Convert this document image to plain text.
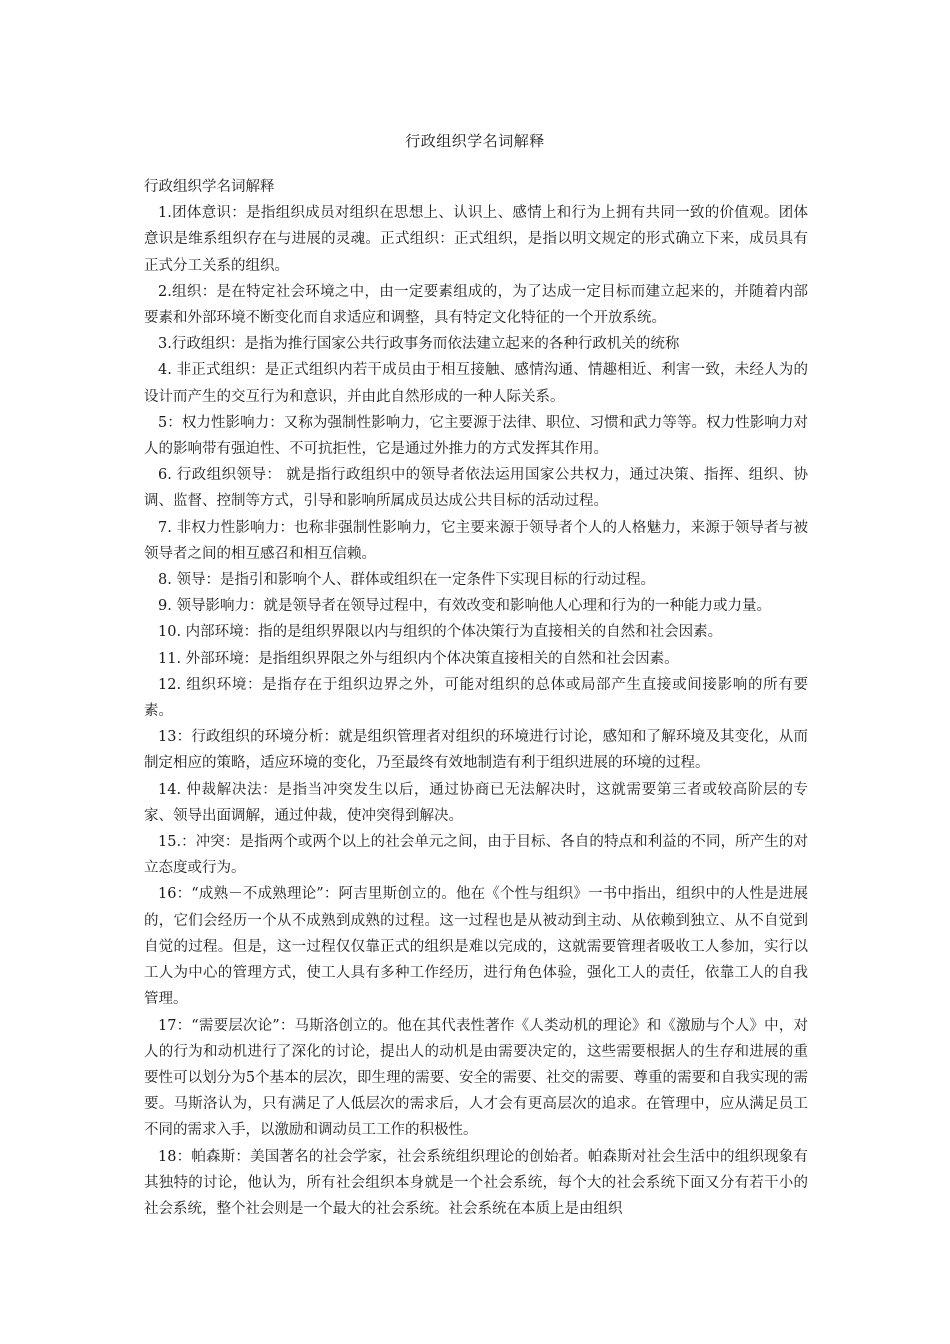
行政组织学名词解释

行政组织学名词解释

1.团体意识：是指组织成员对组织在思想上、认识上、感情上和行为上拥有共同一致的价值观。团体意识是维系组织存在与进展的灵魂。正式组织：正式组织，是指以明文规定的形式确立下来，成员具有正式分工关系的组织。

2.组织：是在特定社会环境之中，由一定要素组成的，为了达成一定目标而建立起来的，并随着内部要素和外部环境不断变化而自求适应和调整，具有特定文化特征的一个开放系统。

3.行政组织：是指为推行国家公共行政事务而依法建立起来的各种行政机关的统称

4. 非正式组织：是正式组织内若干成员由于相互接触、感情沟通、情趣相近、利害一致，未经人为的设计而产生的交互行为和意识，并由此自然形成的一种人际关系。

5：权力性影响力：又称为强制性影响力，它主要源于法律、职位、习惯和武力等等。权力性影响力对人的影响带有强迫性、不可抗拒性，它是通过外推力的方式发挥其作用。

6. 行政组织领导： 就是指行政组织中的领导者依法运用国家公共权力，通过决策、指挥、组织、协调、监督、控制等方式，引导和影响所属成员达成公共目标的活动过程。

7. 非权力性影响力：也称非强制性影响力，它主要来源于领导者个人的人格魅力，来源于领导者与被领导者之间的相互感召和相互信赖。

8. 领导：是指引和影响个人、群体或组织在一定条件下实现目标的行动过程。

9. 领导影响力：就是领导者在领导过程中，有效改变和影响他人心理和行为的一种能力或力量。

10. 内部环境：指的是组织界限以内与组织的个体决策行为直接相关的自然和社会因素。

11. 外部环境：是指组织界限之外与组织内个体决策直接相关的自然和社会因素。

12. 组织环境：是指存在于组织边界之外，可能对组织的总体或局部产生直接或间接影响的所有要素。

13：行政组织的环境分析：就是组织管理者对组织的环境进行讨论，感知和了解环境及其变化，从而制定相应的策略，适应环境的变化，乃至最终有效地制造有利于组织进展的环境的过程。

14. 仲裁解决法：是指当冲突发生以后，通过协商已无法解决时，这就需要第三者或较高阶层的专家、领导出面调解，通过仲裁，使冲突得到解决。

15.：冲突：是指两个或两个以上的社会单元之间，由于目标、各自的特点和利益的不同，所产生的对立态度或行为。

16：“成熟－不成熟理论”：阿吉里斯创立的。他在《个性与组织》一书中指出，组织中的人性是进展的，它们会经历一个从不成熟到成熟的过程。这一过程也是从被动到主动、从依赖到独立、从不自觉到自觉的过程。但是，这一过程仅仅靠正式的组织是难以完成的，这就需要管理者吸收工人参加，实行以工人为中心的管理方式，使工人具有多种工作经历，进行角色体验，强化工人的责任，依靠工人的自我管理。

17：“需要层次论”：马斯洛创立的。他在其代表性著作《人类动机的理论》和《激励与个人》中，对人的行为和动机进行了深化的讨论，提出人的动机是由需要决定的，这些需要根据人的生存和进展的重要性可以划分为5个基本的层次，即生理的需要、安全的需要、社交的需要、尊重的需要和自我实现的需要。马斯洛认为，只有满足了人低层次的需求后，人才会有更高层次的追求。在管理中，应从满足员工不同的需求入手，以激励和调动员工工作的积极性。

18：帕森斯：美国著名的社会学家，社会系统组织理论的创始者。帕森斯对社会生活中的组织现象有其独特的讨论，他认为，所有社会组织本身就是一个社会系统，每个大的社会系统下面又分有若干小的社会系统，整个社会则是一个最大的社会系统。社会系统在本质上是由组织
